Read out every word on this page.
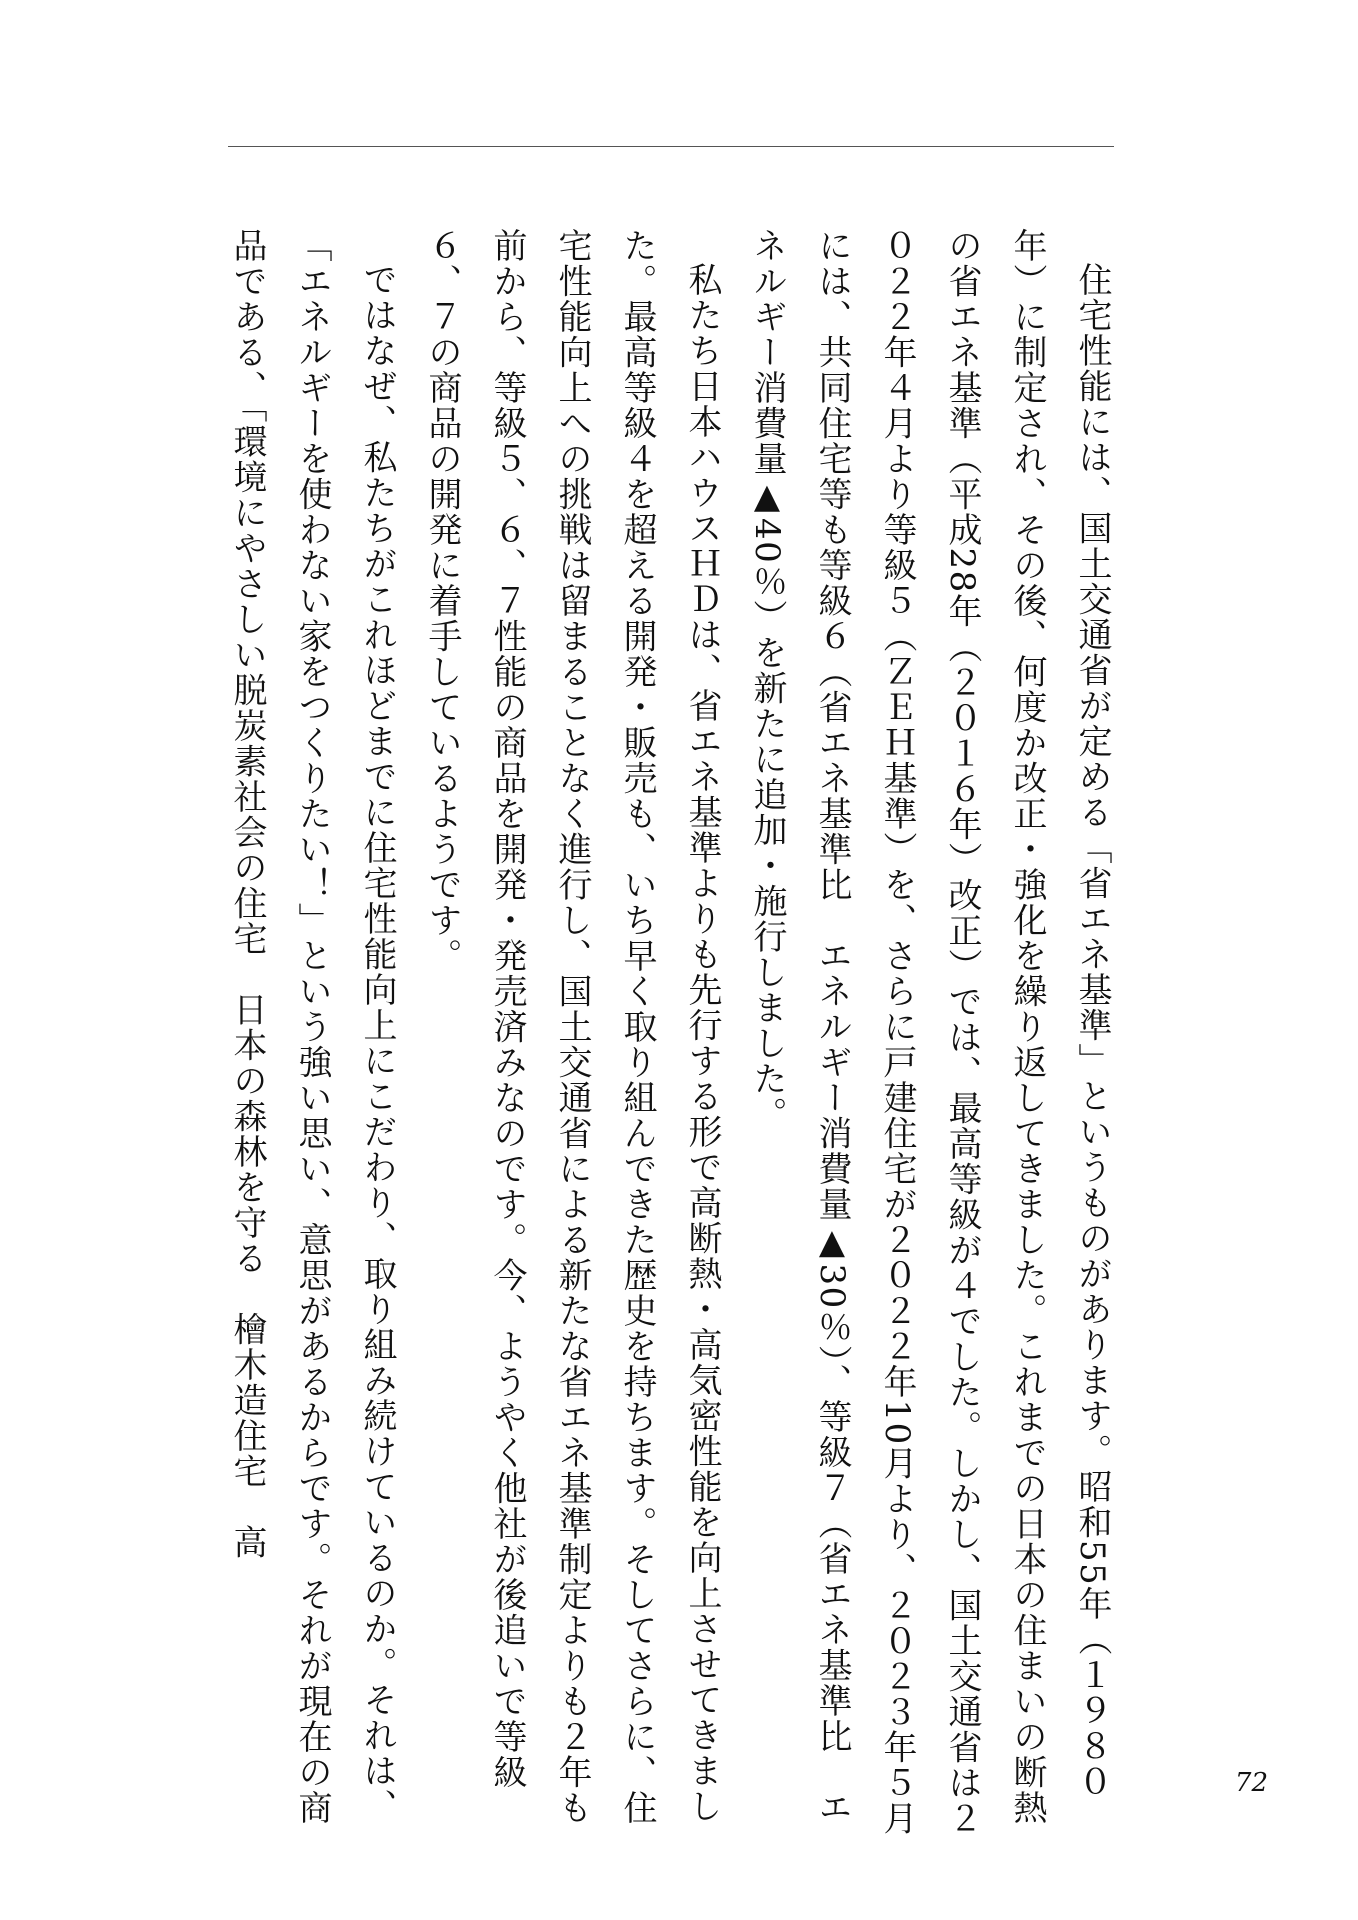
住宅性能には、国土交通省が定める「省エネ基準」というものがあります。昭和55年（１９８０年）に制定され、その後、何度か改正・強化を繰り返してきました。これまでの日本の住まいの断熱の省エネ基準（平成28年（２０１６年）改正）では、最高等級が４でした。しかし、国土交通省は２０２２年４月より等級５（ＺＥＨ基準）を、さらに戸建住宅が２０２２年10月より、２０２３年５月には、共同住宅等も等級６（省エネ基準比　エネルギー消費量▲30％）、等級７（省エネ基準比　エネルギー消費量▲40％）を新たに追加・施行しました。

私たち日本ハウスＨＤは、省エネ基準よりも先行する形で高断熱・高気密性能を向上させてきました。最高等級４を超える開発・販売も、いち早く取り組んできた歴史を持ちます。そしてさらに、住宅性能向上への挑戦は留まることなく進行し、国土交通省による新たな省エネ基準制定よりも２年も前から、等級５、６、７性能の商品を開発・発売済みなのです。今、ようやく他社が後追いで等級６、７の商品の開発に着手しているようです。

ではなぜ、私たちがこれほどまでに住宅性能向上にこだわり、取り組み続けているのか。それは、「エネルギーを使わない家をつくりたい！」という強い思い、意思があるからです。それが現在の商品である、「環境にやさしい脱炭素社会の住宅　日本の森林を守る　檜木造住宅　高

72
